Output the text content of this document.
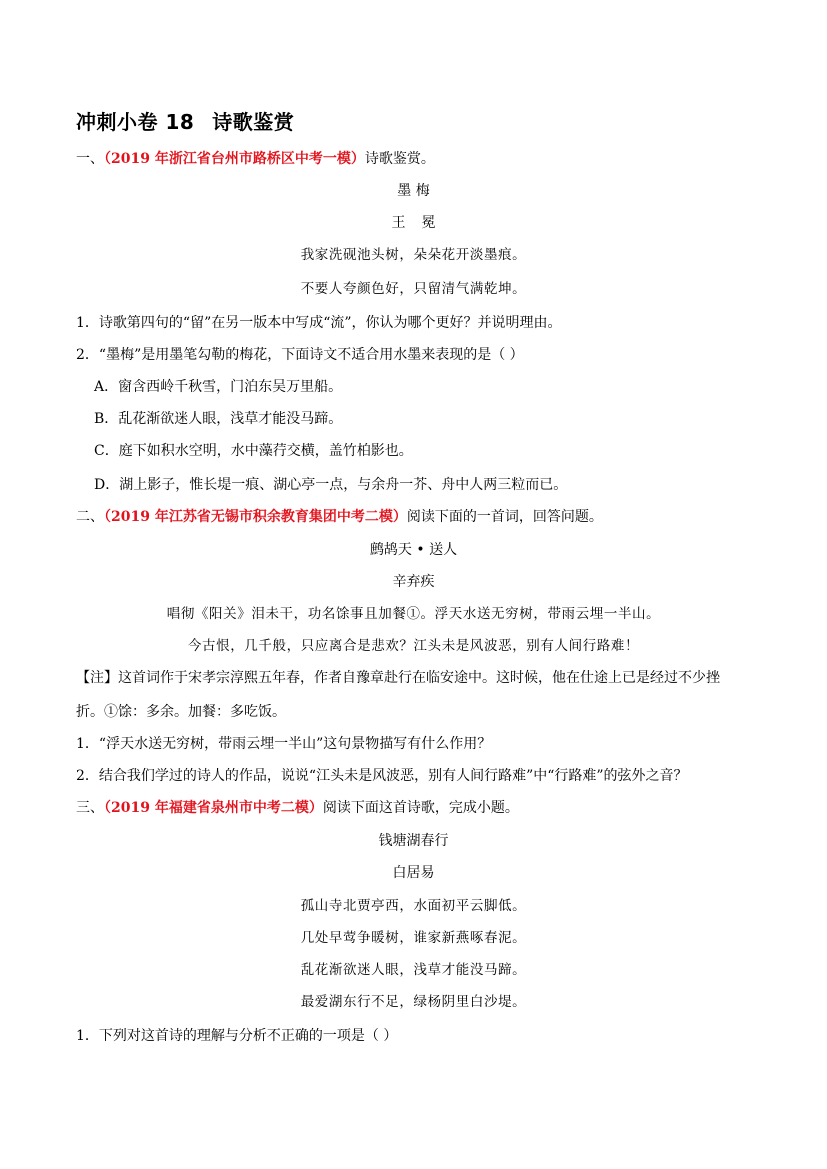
冲刺小卷 18 诗歌鉴赏
一、（2019 年浙江省台州市路桥区中考一模）诗歌鉴赏。
墨 梅
王 冕
我家洗砚池头树，朵朵花开淡墨痕。
不要人夸颜色好，只留清气满乾坤。
1．诗歌第四句的“留”在另一版本中写成“流”，你认为哪个更好？并说明理由。
2．“墨梅”是用墨笔勾勒的梅花，下面诗文不适合用水墨来表现的是（ ）
A．窗含西岭千秋雪，门泊东吴万里船。
B．乱花渐欲迷人眼，浅草才能没马蹄。
C．庭下如积水空明，水中藻荇交横，盖竹柏影也。
D．湖上影子，惟长堤一痕、湖心亭一点，与余舟一芥、舟中人两三粒而已。
二、（2019 年江苏省无锡市积余教育集团中考二模）阅读下面的一首词，回答问题。
鹧鸪天 • 送人
辛弃疾
唱彻《阳关》泪未干，功名馀事且加餐①。浮天水送无穷树，带雨云埋一半山。
今古恨，几千般，只应离合是悲欢？江头未是风波恶，别有人间行路难！
【注】这首词作于宋孝宗淳熙五年春，作者自豫章赴行在临安途中。这时候，他在仕途上已是经过不少挫
折。①馀：多余。加餐：多吃饭。
1．“浮天水送无穷树，带雨云埋一半山”这句景物描写有什么作用？
2．结合我们学过的诗人的作品，说说“江头未是风波恶，别有人间行路难”中“行路难”的弦外之音？
三、（2019 年福建省泉州市中考二模）阅读下面这首诗歌，完成小题。
钱塘湖春行
白居易
孤山寺北贾亭西，水面初平云脚低。
几处早莺争暖树，谁家新燕啄春泥。
乱花渐欲迷人眼，浅草才能没马蹄。
最爱湖东行不足，绿杨阴里白沙堤。
1．下列对这首诗的理解与分析不正确的一项是（ ）
